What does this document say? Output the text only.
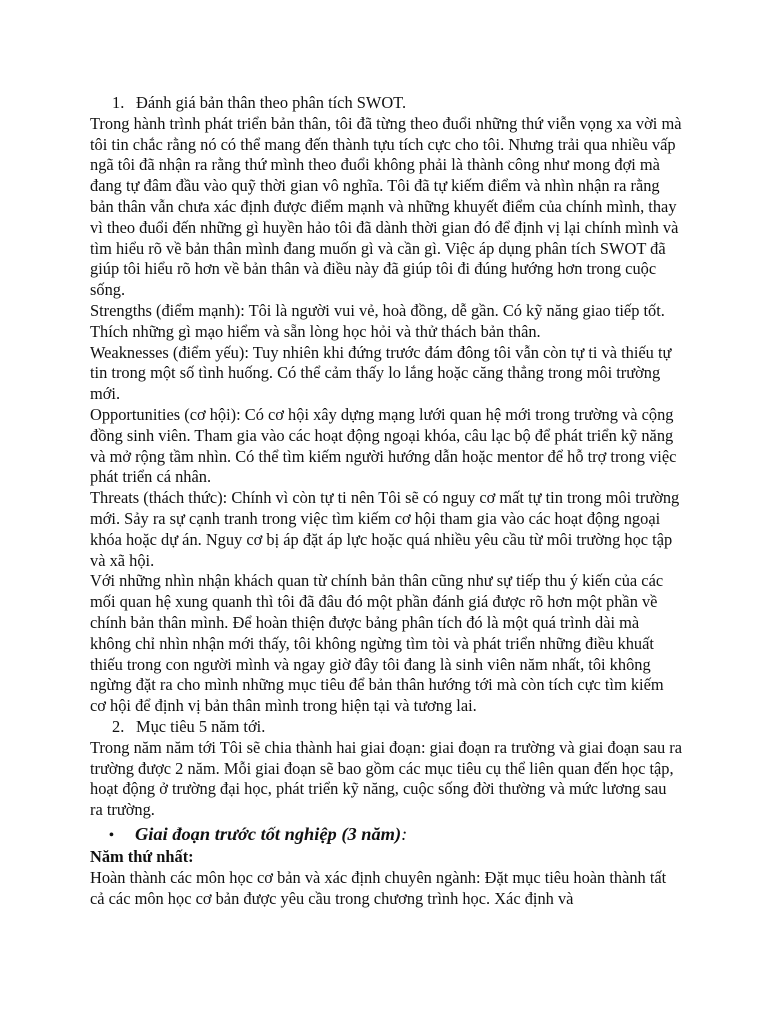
1. Đánh giá bản thân theo phân tích SWOT.

Trong hành trình phát triển bản thân, tôi đã từng theo đuổi những thứ viễn vọng xa vời mà tôi tin chắc rằng nó có thể mang đến thành tựu tích cực cho tôi. Nhưng trải qua nhiều vấp ngã tôi đã nhận ra rằng thứ mình theo đuổi không phải là thành công như mong đợi mà đang tự đâm đầu vào quỹ thời gian vô nghĩa. Tôi đã tự kiếm điểm và nhìn nhận ra rằng bản thân vẫn chưa xác định được điểm mạnh và những khuyết điểm của chính mình, thay vì theo đuổi đến những gì huyền hảo tôi đã dành thời gian đó để định vị lại chính mình và tìm hiểu rõ về bản thân mình đang muốn gì và cần gì. Việc áp dụng phân tích SWOT đã giúp tôi hiểu rõ hơn về bản thân và điều này đã giúp tôi đi đúng hướng hơn trong cuộc sống.

Strengths (điểm mạnh): Tôi là người vui vẻ, hoà đồng, dễ gần. Có kỹ năng giao tiếp tốt. Thích những gì mạo hiểm và sẵn lòng học hỏi và thử thách bản thân.

Weaknesses (điểm yếu): Tuy nhiên khi đứng trước đám đông tôi vẫn còn tự ti và thiếu tự tin trong một số tình huống. Có thể cảm thấy lo lắng hoặc căng thẳng trong môi trường mới.

Opportunities (cơ hội): Có cơ hội xây dựng mạng lưới quan hệ mới trong trường và cộng đồng sinh viên. Tham gia vào các hoạt động ngoại khóa, câu lạc bộ để phát triển kỹ năng và mở rộng tầm nhìn. Có thể tìm kiếm người hướng dẫn hoặc mentor để hỗ trợ trong việc phát triển cá nhân.

Threats (thách thức): Chính vì còn tự ti nên Tôi sẽ có nguy cơ mất tự tin trong môi trường mới. Sảy ra sự cạnh tranh trong việc tìm kiếm cơ hội tham gia vào các hoạt động ngoại khóa hoặc dự án. Nguy cơ bị áp đặt áp lực hoặc quá nhiều yêu cầu từ môi trường học tập và xã hội.

Với những nhìn nhận khách quan từ chính bản thân cũng như sự tiếp thu ý kiến của các mối quan hệ xung quanh thì tôi đã đâu đó một phần đánh giá được rõ hơn một phần về chính bản thân mình. Để hoàn thiện được bảng phân tích đó là một quá trình dài mà không chỉ nhìn nhận mới thấy, tôi không ngừng tìm tòi và phát triển những điều khuất thiếu trong con người mình và ngay giờ đây tôi đang là sinh viên năm nhất, tôi không ngừng đặt ra cho mình những mục tiêu để bản thân hướng tới mà còn tích cực tìm kiếm cơ hội để định vị bản thân mình trong hiện tại và tương lai.

2. Mục tiêu 5 năm tới.

Trong năm năm tới Tôi sẽ chia thành hai giai đoạn: giai đoạn ra trường và giai đoạn sau ra trường được 2 năm. Mỗi giai đoạn sẽ bao gồm các mục tiêu cụ thể liên quan đến học tập, hoạt động ở trường đại học, phát triển kỹ năng, cuộc sống đời thường và mức lương sau ra trường.

• Giai đoạn trước tốt nghiệp (3 năm):

Năm thứ nhất:

Hoàn thành các môn học cơ bản và xác định chuyên ngành: Đặt mục tiêu hoàn thành tất cả các môn học cơ bản được yêu cầu trong chương trình học. Xác định và
